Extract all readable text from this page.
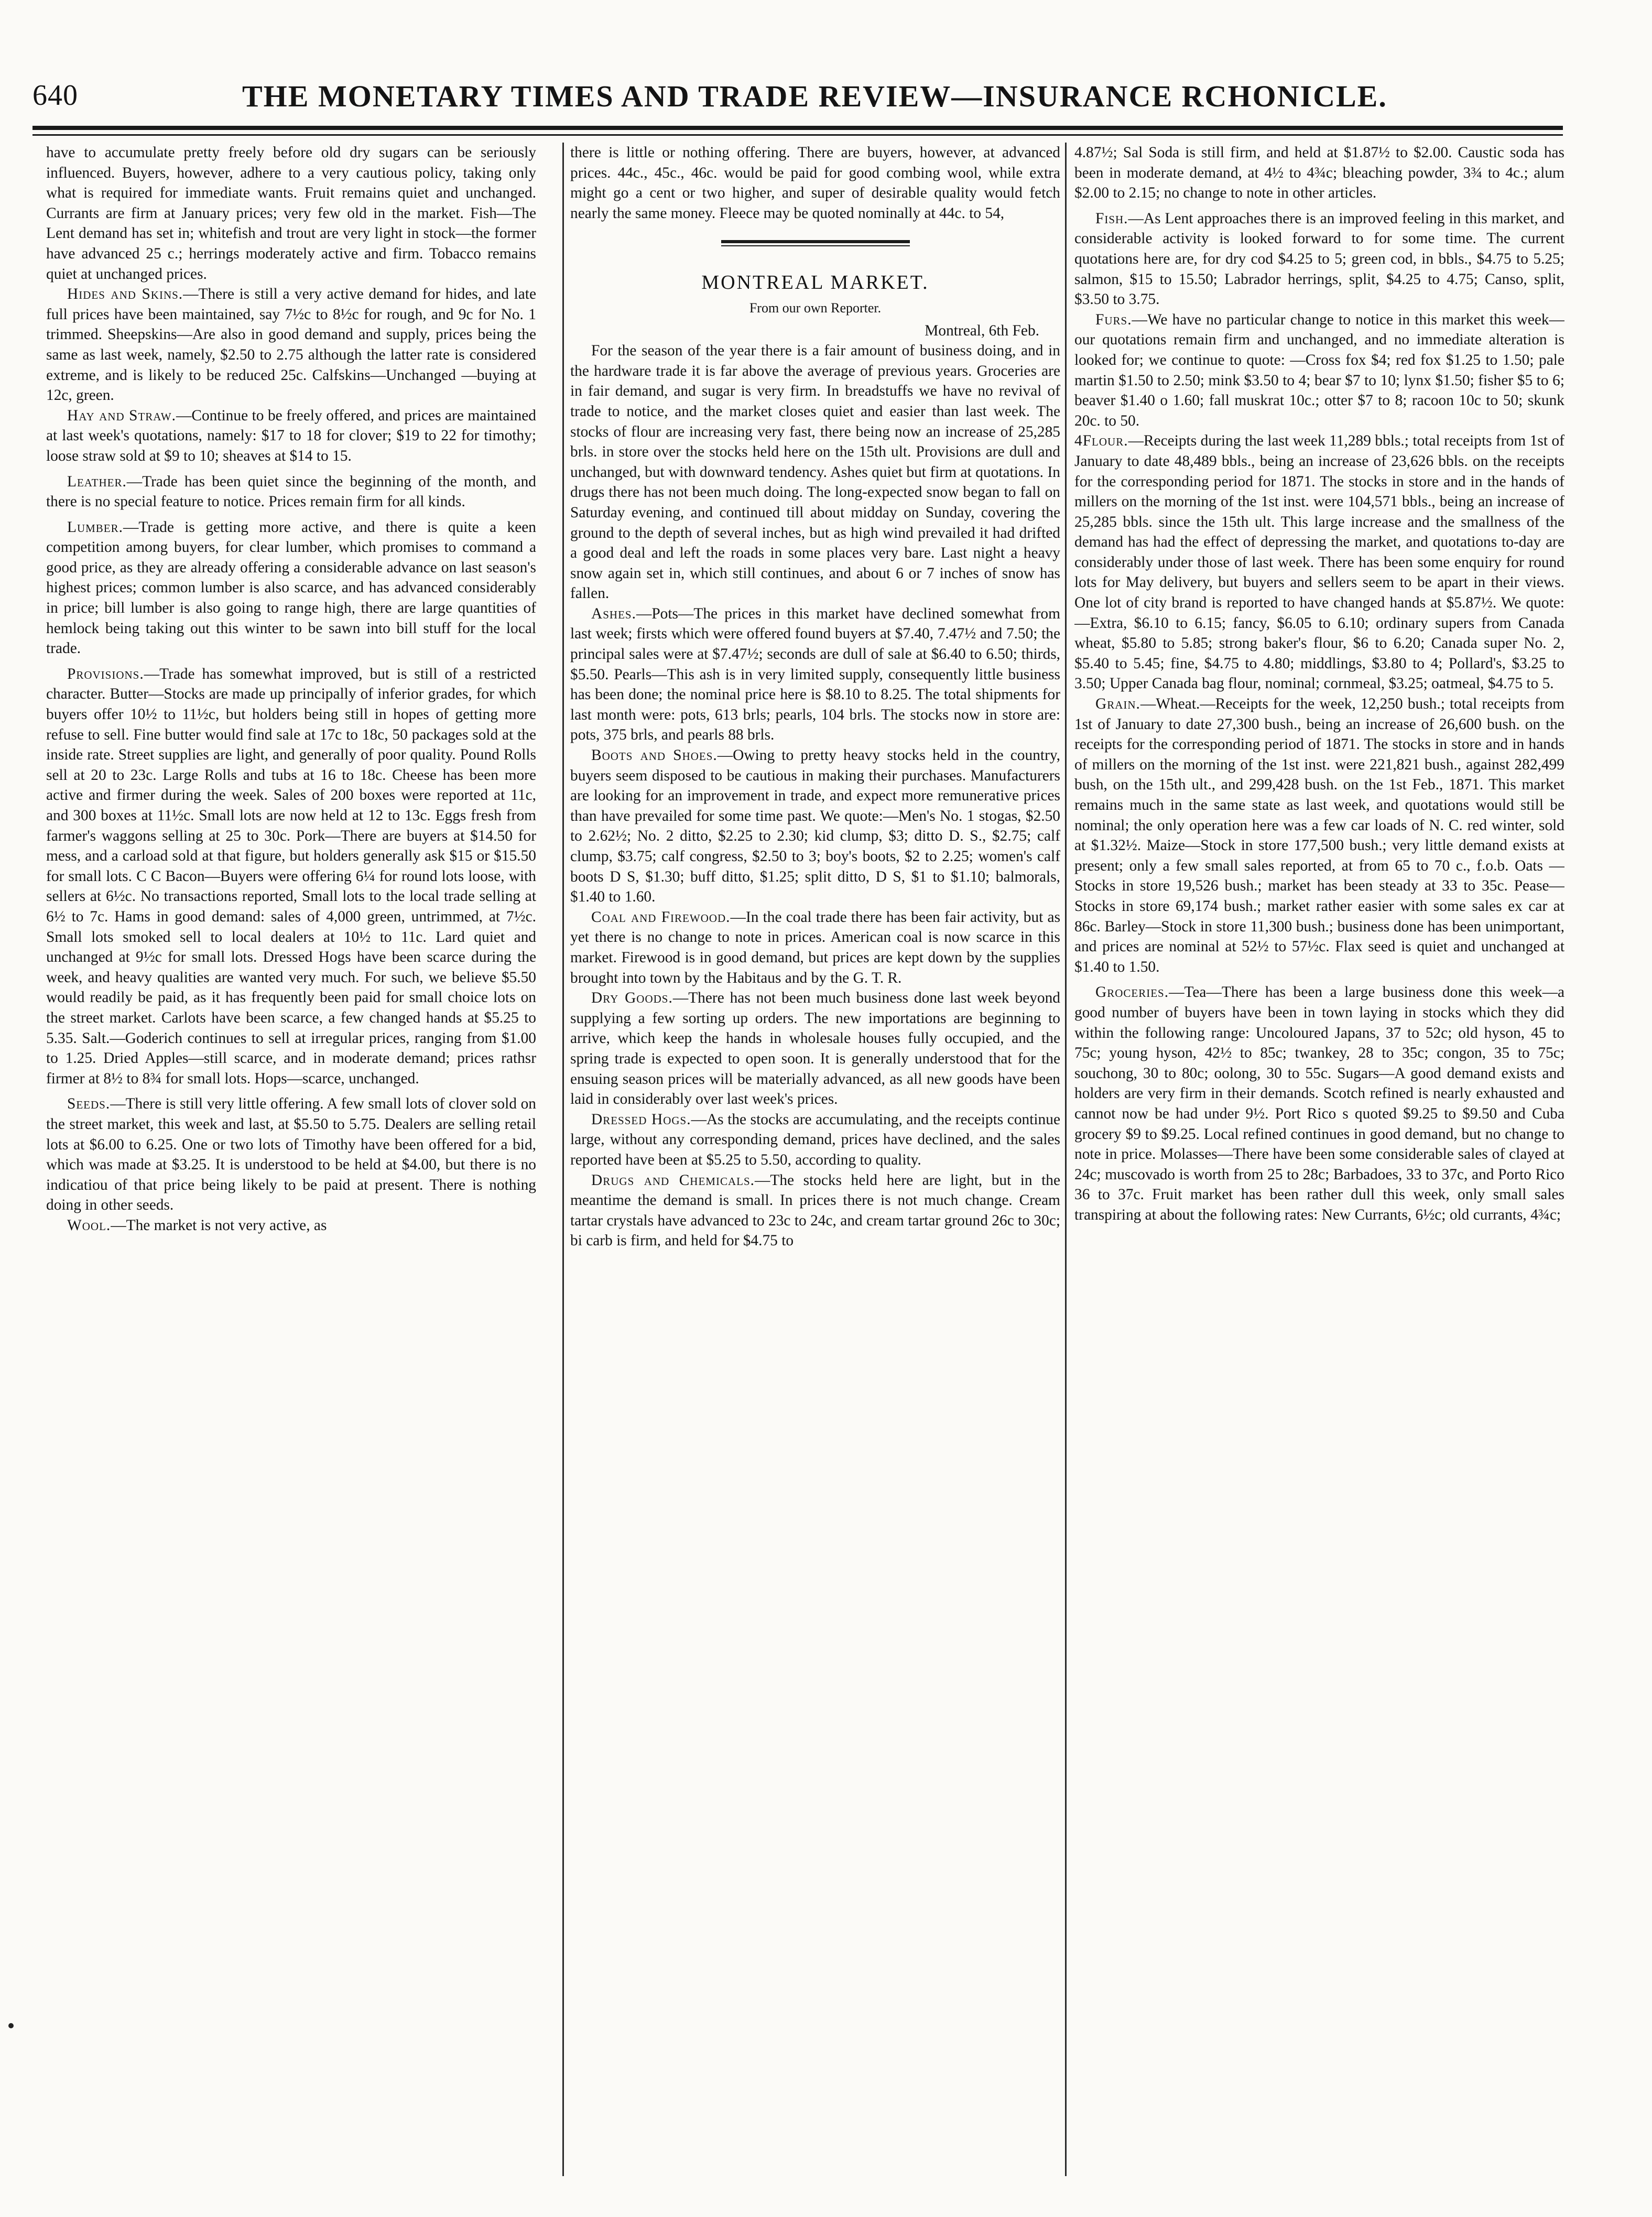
640	THE MONETARY TIMES AND TRADE REVIEW—INSURANCE RCHONICLE.

have to accumulate pretty freely before old dry sugars can be seriously influenced. Buyers, however, adhere to a very cautious policy, taking only what is required for immediate wants. Fruit remains quiet and unchanged. Currants are firm at January prices; very few old in the market. Fish—The Lent demand has set in; whitefish and trout are very light in stock—the former have advanced 25 c.; herrings moderately active and firm. Tobacco remains quiet at unchanged prices.

Hides and Skins.—There is still a very active demand for hides, and late full prices have been maintained, say 7½c to 8½c for rough, and 9c for No. 1 trimmed. Sheepskins—Are also in good demand and supply, prices being the same as last week, namely, $2.50 to 2.75 although the latter rate is considered extreme, and is likely to be reduced 25c. Calfskins—Unchanged —buying at 12c, green.

Hay and Straw.—Continue to be freely offered, and prices are maintained at last week's quotations, namely: $17 to 18 for clover; $19 to 22 for timothy; loose straw sold at $9 to 10; sheaves at $14 to 15.

Leather.—Trade has been quiet since the beginning of the month, and there is no special feature to notice. Prices remain firm for all kinds.

Lumber.—Trade is getting more active, and there is quite a keen competition among buyers, for clear lumber, which promises to command a good price, as they are already offering a considerable advance on last season's highest prices; common lumber is also scarce, and has advanced considerably in price; bill lumber is also going to range high, there are large quantities of hemlock being taking out this winter to be sawn into bill stuff for the local trade.

Provisions.—Trade has somewhat improved, but is still of a restricted character. Butter—Stocks are made up principally of inferior grades, for which buyers offer 10½ to 11½c, but holders being still in hopes of getting more refuse to sell. Fine butter would find sale at 17c to 18c, 50 packages sold at the inside rate. Street supplies are light, and generally of poor quality. Pound Rolls sell at 20 to 23c. Large Rolls and tubs at 16 to 18c. Cheese has been more active and firmer during the week. Sales of 200 boxes were reported at 11c, and 300 boxes at 11½c. Small lots are now held at 12 to 13c. Eggs fresh from farmer's waggons selling at 25 to 30c. Pork—There are buyers at $14.50 for mess, and a carload sold at that figure, but holders generally ask $15 or $15.50 for small lots. C C Bacon—Buyers were offering 6¼ for round lots loose, with sellers at 6½c. No transactions reported, Small lots to the local trade selling at 6½ to 7c. Hams in good demand: sales of 4,000 green, untrimmed, at 7½c. Small lots smoked sell to local dealers at 10½ to 11c. Lard quiet and unchanged at 9½c for small lots. Dressed Hogs have been scarce during the week, and heavy qualities are wanted very much. For such, we believe $5.50 would readily be paid, as it has frequently been paid for small choice lots on the street market. Carlots have been scarce, a few changed hands at $5.25 to 5.35. Salt.—Goderich continues to sell at irregular prices, ranging from $1.00 to 1.25. Dried Apples—still scarce, and in moderate demand; prices rathsr firmer at 8½ to 8¾ for small lots. Hops—scarce, unchanged.

Seeds.—There is still very little offering. A few small lots of clover sold on the street market, this week and last, at $5.50 to 5.75. Dealers are selling retail lots at $6.00 to 6.25. One or two lots of Timothy have been offered for a bid, which was made at $3.25. It is understood to be held at $4.00, but there is no indicatiou of that price being likely to be paid at present. There is nothing doing in other seeds.

Wool.—The market is not very active, as

there is little or nothing offering. There are buyers, however, at advanced prices. 44c., 45c., 46c. would be paid for good combing wool, while extra might go a cent or two higher, and super of desirable quality would fetch nearly the same money. Fleece may be quoted nominally at 44c. to 54,

MONTREAL MARKET.

From our own Reporter.

Montreal, 6th Feb.

For the season of the year there is a fair amount of business doing, and in the hardware trade it is far above the average of previous years. Groceries are in fair demand, and sugar is very firm. In breadstuffs we have no revival of trade to notice, and the market closes quiet and easier than last week. The stocks of flour are increasing very fast, there being now an increase of 25,285 brls. in store over the stocks held here on the 15th ult. Provisions are dull and unchanged, but with downward tendency. Ashes quiet but firm at quotations. In drugs there has not been much doing. The long-expected snow began to fall on Saturday evening, and continued till about midday on Sunday, covering the ground to the depth of several inches, but as high wind prevailed it had drifted a good deal and left the roads in some places very bare. Last night a heavy snow again set in, which still continues, and about 6 or 7 inches of snow has fallen.

Ashes.—Pots—The prices in this market have declined somewhat from last week; firsts which were offered found buyers at $7.40, 7.47½ and 7.50; the principal sales were at $7.47½; seconds are dull of sale at $6.40 to 6.50; thirds, $5.50. Pearls—This ash is in very limited supply, consequently little business has been done; the nominal price here is $8.10 to 8.25. The total shipments for last month were: pots, 613 brls; pearls, 104 brls. The stocks now in store are: pots, 375 brls, and pearls 88 brls.

Boots and Shoes.—Owing to pretty heavy stocks held in the country, buyers seem disposed to be cautious in making their purchases. Manufacturers are looking for an improvement in trade, and expect more remunerative prices than have prevailed for some time past. We quote:—Men's No. 1 stogas, $2.50 to 2.62½; No. 2 ditto, $2.25 to 2.30; kid clump, $3; ditto D. S., $2.75; calf clump, $3.75; calf congress, $2.50 to 3; boy's boots, $2 to 2.25; women's calf boots D S, $1.30; buff ditto, $1.25; split ditto, D S, $1 to $1.10; balmorals, $1.40 to 1.60.

Coal and Firewood.—In the coal trade there has been fair activity, but as yet there is no change to note in prices. American coal is now scarce in this market. Firewood is in good demand, but prices are kept down by the supplies brought into town by the Habitaus and by the G. T. R.

Dry Goods.—There has not been much business done last week beyond supplying a few sorting up orders. The new importations are beginning to arrive, which keep the hands in wholesale houses fully occupied, and the spring trade is expected to open soon. It is generally understood that for the ensuing season prices will be materially advanced, as all new goods have been laid in considerably over last week's prices.

Dressed Hogs.—As the stocks are accumulating, and the receipts continue large, without any corresponding demand, prices have declined, and the sales reported have been at $5.25 to 5.50, according to quality.

Drugs and Chemicals.—The stocks held here are light, but in the meantime the demand is small. In prices there is not much change. Cream tartar crystals have advanced to 23c to 24c, and cream tartar ground 26c to 30c; bi carb is firm, and held for $4.75 to

4.87½; Sal Soda is still firm, and held at $1.87½ to $2.00. Caustic soda has been in moderate demand, at 4½ to 4¾c; bleaching powder, 3¾ to 4c.; alum $2.00 to 2.15; no change to note in other articles.

Fish.—As Lent approaches there is an improved feeling in this market, and considerable activity is looked forward to for some time. The current quotations here are, for dry cod $4.25 to 5; green cod, in bbls., $4.75 to 5.25; salmon, $15 to 15.50; Labrador herrings, split, $4.25 to 4.75; Canso, split, $3.50 to 3.75.

Furs.—We have no particular change to notice in this market this week—our quotations remain firm and unchanged, and no immediate alteration is looked for; we continue to quote: —Cross fox $4; red fox $1.25 to 1.50; pale martin $1.50 to 2.50; mink $3.50 to 4; bear $7 to 10; lynx $1.50; fisher $5 to 6; beaver $1.40 o 1.60; fall muskrat 10c.; otter $7 to 8; racoon 10c to 50; skunk 20c. to 50.

4Flour.—Receipts during the last week 11,289 bbls.; total receipts from 1st of January to date 48,489 bbls., being an increase of 23,626 bbls. on the receipts for the corresponding period for 1871. The stocks in store and in the hands of millers on the morning of the 1st inst. were 104,571 bbls., being an increase of 25,285 bbls. since the 15th ult. This large increase and the smallness of the demand has had the effect of depressing the market, and quotations to-day are considerably under those of last week. There has been some enquiry for round lots for May delivery, but buyers and sellers seem to be apart in their views. One lot of city brand is reported to have changed hands at $5.87½. We quote:—Extra, $6.10 to 6.15; fancy, $6.05 to 6.10; ordinary supers from Canada wheat, $5.80 to 5.85; strong baker's flour, $6 to 6.20; Canada super No. 2, $5.40 to 5.45; fine, $4.75 to 4.80; middlings, $3.80 to 4; Pollard's, $3.25 to 3.50; Upper Canada bag flour, nominal; cornmeal, $3.25; oatmeal, $4.75 to 5.

Grain.—Wheat.—Receipts for the week, 12,250 bush.; total receipts from 1st of January to date 27,300 bush., being an increase of 26,600 bush. on the receipts for the corresponding period of 1871. The stocks in store and in hands of millers on the morning of the 1st inst. were 221,821 bush., against 282,499 bush, on the 15th ult., and 299,428 bush. on the 1st Feb., 1871. This market remains much in the same state as last week, and quotations would still be nominal; the only operation here was a few car loads of N. C. red winter, sold at $1.32½. Maize—Stock in store 177,500 bush.; very little demand exists at present; only a few small sales reported, at from 65 to 70 c., f.o.b. Oats —Stocks in store 19,526 bush.; market has been steady at 33 to 35c. Pease—Stocks in store 69,174 bush.; market rather easier with some sales ex car at 86c. Barley—Stock in store 11,300 bush.; business done has been unimportant, and prices are nominal at 52½ to 57½c. Flax seed is quiet and unchanged at $1.40 to 1.50.

Groceries.—Tea—There has been a large business done this week—a good number of buyers have been in town laying in stocks which they did within the following range: Uncoloured Japans, 37 to 52c; old hyson, 45 to 75c; young hyson, 42½ to 85c; twankey, 28 to 35c; congon, 35 to 75c; souchong, 30 to 80c; oolong, 30 to 55c. Sugars—A good demand exists and holders are very firm in their demands. Scotch refined is nearly exhausted and cannot now be had under 9½. Port Rico s quoted $9.25 to $9.50 and Cuba grocery $9 to $9.25. Local refined continues in good demand, but no change to note in price. Molasses—There have been some considerable sales of clayed at 24c; muscovado is worth from 25 to 28c; Barbadoes, 33 to 37c, and Porto Rico 36 to 37c. Fruit market has been rather dull this week, only small sales transpiring at about the following rates: New Currants, 6½c; old currants, 4¾c;
